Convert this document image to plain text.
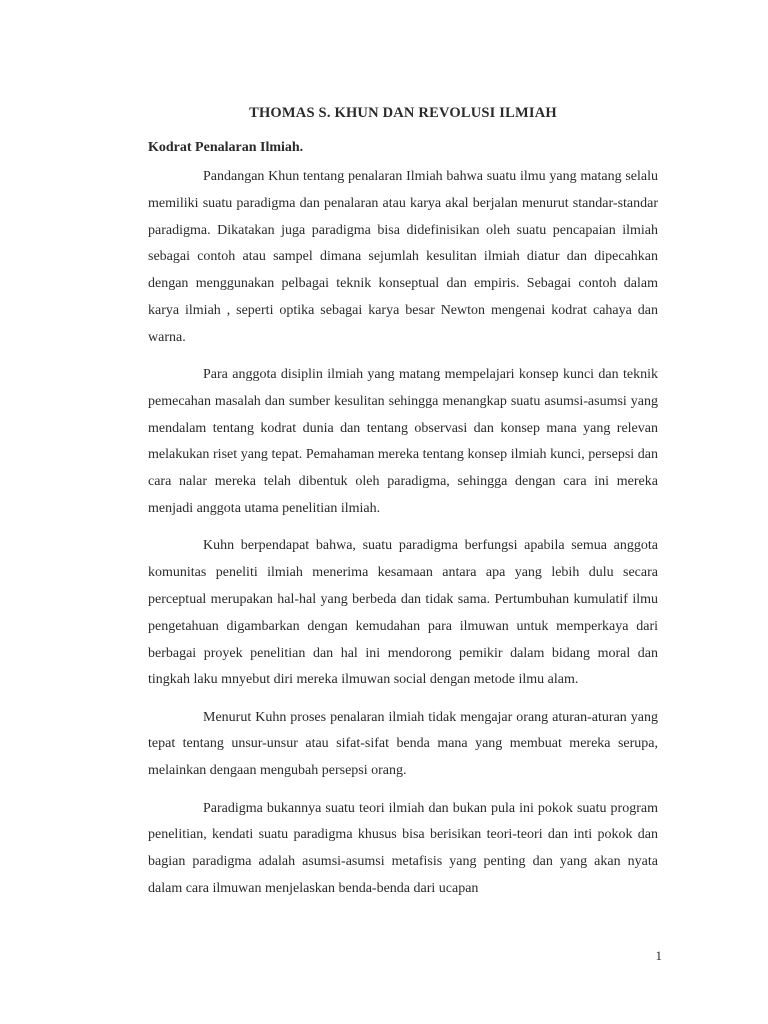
THOMAS S. KHUN DAN REVOLUSI ILMIAH
Kodrat Penalaran Ilmiah.

Pandangan Khun tentang penalaran Ilmiah bahwa suatu ilmu yang matang selalu memiliki suatu paradigma dan penalaran atau karya akal berjalan menurut standar-standar paradigma. Dikatakan juga paradigma bisa didefinisikan oleh suatu pencapaian ilmiah sebagai contoh atau sampel dimana sejumlah kesulitan ilmiah diatur dan dipecahkan dengan menggunakan pelbagai teknik konseptual dan empiris. Sebagai contoh dalam karya ilmiah , seperti optika sebagai karya besar Newton mengenai kodrat cahaya dan warna.

Para anggota disiplin ilmiah yang matang mempelajari konsep kunci dan teknik pemecahan masalah dan sumber kesulitan sehingga menangkap suatu asumsi-asumsi yang mendalam tentang kodrat dunia dan tentang observasi dan konsep mana yang relevan melakukan riset yang tepat. Pemahaman mereka tentang konsep ilmiah kunci, persepsi dan cara nalar mereka telah dibentuk oleh paradigma, sehingga dengan cara ini mereka menjadi anggota utama penelitian ilmiah.

Kuhn berpendapat bahwa, suatu paradigma berfungsi apabila semua anggota komunitas peneliti ilmiah menerima kesamaan antara apa yang lebih dulu secara perceptual merupakan hal-hal yang berbeda dan tidak sama. Pertumbuhan kumulatif ilmu pengetahuan digambarkan dengan kemudahan para ilmuwan untuk memperkaya dari berbagai proyek penelitian dan hal ini mendorong pemikir dalam bidang moral dan tingkah laku mnyebut diri mereka ilmuwan social dengan metode ilmu alam.

Menurut Kuhn proses penalaran ilmiah tidak mengajar orang aturan-aturan yang tepat tentang unsur-unsur atau sifat-sifat benda mana yang membuat mereka serupa, melainkan dengaan mengubah persepsi orang.

Paradigma bukannya suatu teori ilmiah dan bukan pula ini pokok suatu program penelitian, kendati suatu paradigma khusus bisa berisikan teori-teori dan inti pokok dan bagian paradigma adalah asumsi-asumsi metafisis yang penting dan yang akan nyata dalam cara ilmuwan menjelaskan benda-benda dari ucapan

1
